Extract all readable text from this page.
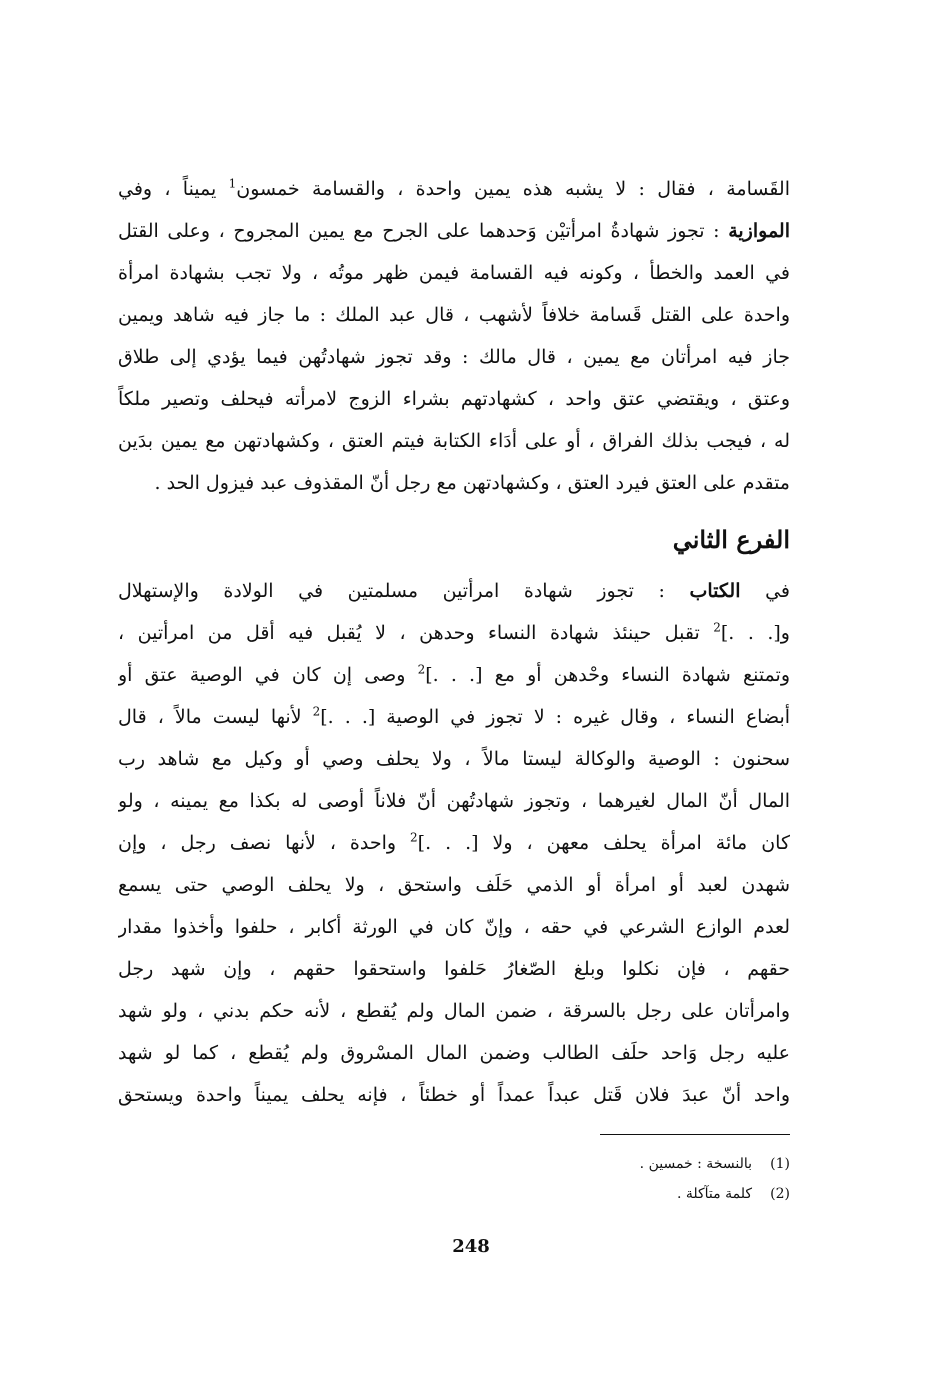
القَسامة ، فقال : لا يشبه هذه يمين واحدة ، والقسامة خمسون$^1$ يميناً ، وفي
الموازية : تجوز شهادةُ امرأتيْن وَحدهما على الجرح مع يمين المجروح ، وعلى القتل
في العمد والخطأ ، وكونه فيه القسامة فيمن ظهر موتُه ، ولا تجب بشهادة امرأة
واحدة على القتل قَسامة خلافاً لأشهب ، قال عبد الملك : ما جاز فيه شاهد ويمين
جاز فيه امرأتان مع يمين ، قال مالك : وقد تجوز شهادتُهن فيما يؤدي إلى طلاق
وعتق ، ويقتضي عتق واحد ، كشهادتهم بشراء الزوج لامرأته فيحلف وتصير ملكاً
له ، فيجب بذلك الفراق ، أو على أدَاء الكتابة فيتم العتق ، وكشهادتهن مع يمين بدَين
متقدم على العتق فيرد العتق ، وكشهادتهن مع رجل أنّ المقذوف عبد فيزول الحد .
الفرع الثاني
في الكتاب : تجوز شهادة امرأتين مسلمتين في الولادة والإستهلال
و[. . .]$^2$ تقبل حينئذ شهادة النساء وحدهن ، لا يُقبل فيه أقل من امرأتين ،
وتمتنع شهادة النساء وحْدهن أو مع [. . .]$^2$ وصى إن كان في الوصية عتق أو
أبضاع النساء ، وقال غيره : لا تجوز في الوصية [. . .]$^2$ لأنها ليست مالاً ، قال
سحنون : الوصية والوكالة ليستا مالاً ، ولا يحلف وصي أو وكيل مع شاهد رب
المال أنّ المال لغيرهما ، وتجوز شهادتُهن أنّ فلاناً أوصى له بكذا مع يمينه ، ولو
كان مائة امرأة يحلف معهن ، ولا [. . .]$^2$ واحدة ، لأنها نصف رجل ، وإن
شهدن لعبد أو امرأة أو الذمي حَلَف واستحق ، ولا يحلف الوصي حتى يسمع
لعدم الوازع الشرعي في حقه ، وإنّ كان في الورثة أكابر ، حلفوا وأخذوا مقدار
حقهم ، فإن نكلوا وبلغ الصّغارُ حَلفوا واستحقوا حقهم ، وإن شهد رجل
وامرأتان على رجل بالسرقة ، ضمن المال ولم يُقطع ، لأنه حكم بدني ، ولو شهد
عليه رجل وَاحد حلَف الطالب وضمن المال المسْروق ولم يُقطع ، كما لو شهد
واحد أنّ عبدَ فلان قَتل عبداً عمداً أو خطئاً ، فإنه يحلف يميناً واحدة ويستحق
(1)بالنسخة : خمسين .
(2)كلمة متآكلة .
248
